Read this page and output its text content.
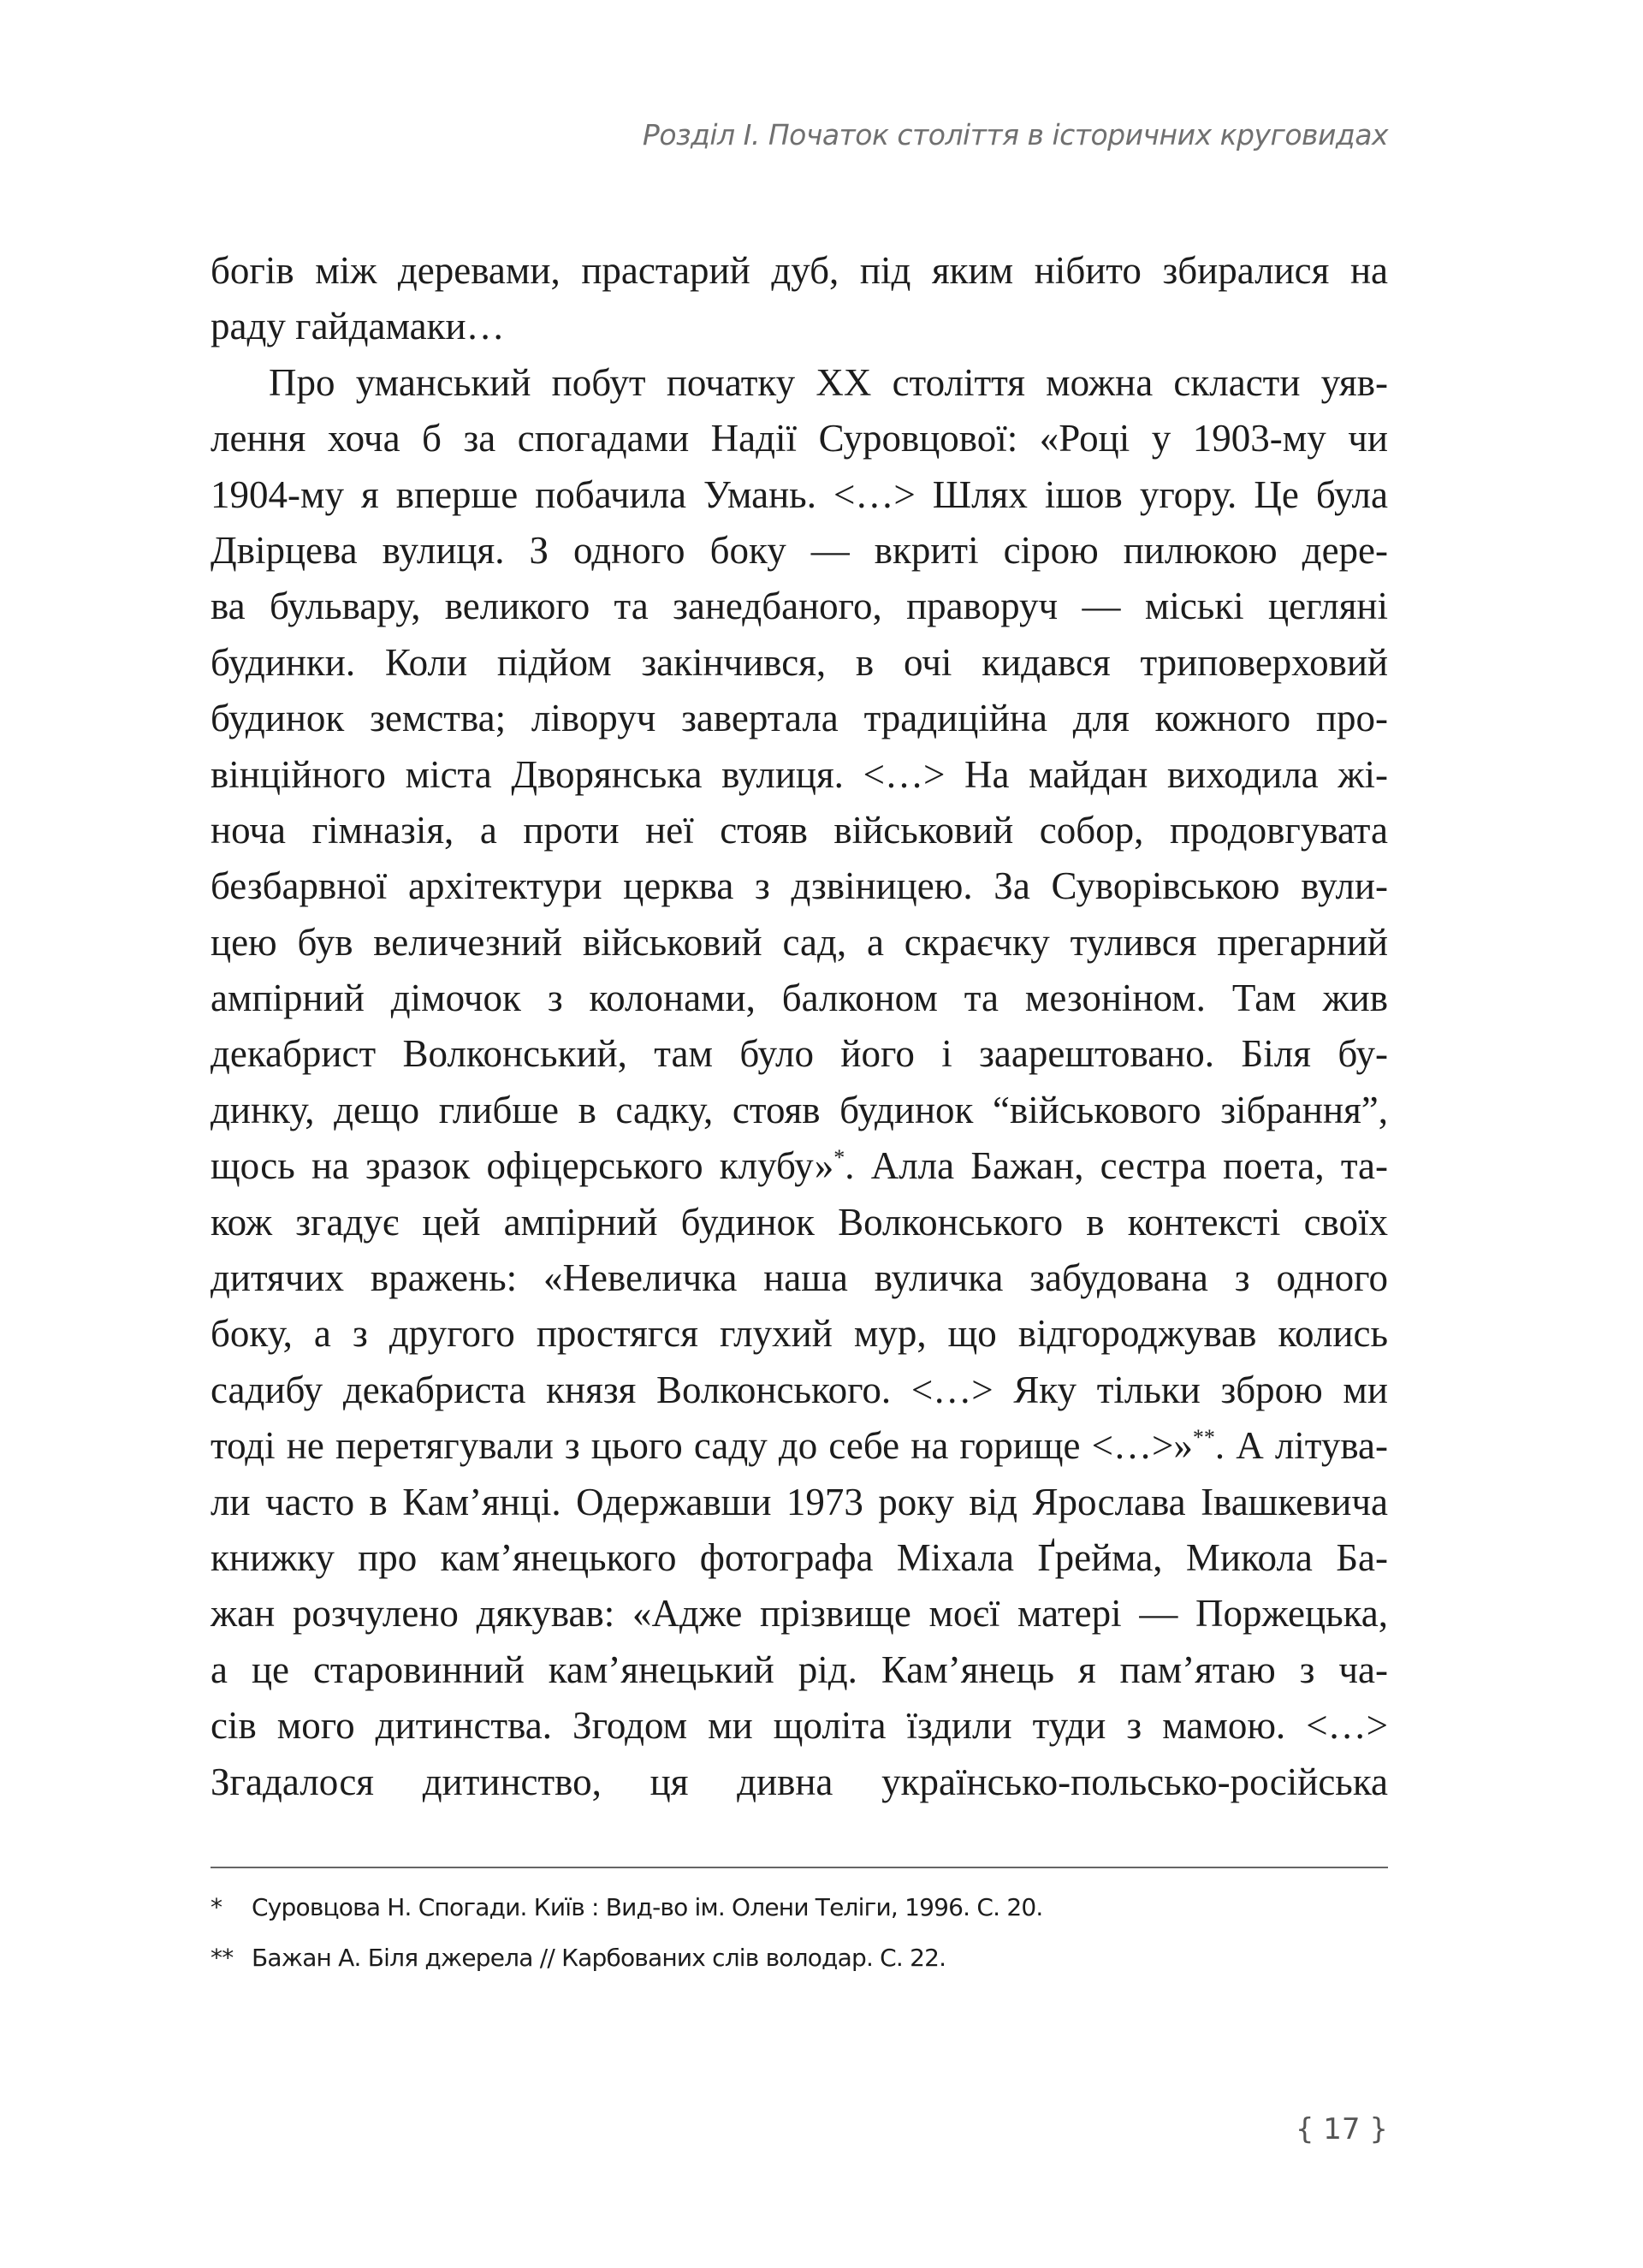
Розділ І. Початок століття в історичних круговидах
богів між деревами, прастарий дуб, під яким нібито збиралися на
раду гайдамаки…
Про уманський побут початку ХХ століття можна скласти уяв-
лення хоча б за спогадами Надії Суровцової: «Році у 1903-му чи
1904-му я вперше побачила Умань. <…> Шлях ішов угору. Це була
Двірцева вулиця. З одного боку — вкриті сірою пилюкою дере-
ва бульвару, великого та занедбаного, праворуч — міські цегляні
будинки. Коли підйом закінчився, в очі кидався триповерховий
будинок земства; ліворуч завертала традиційна для кожного про-
вінційного міста Дворянська вулиця. <…> На майдан виходила жі-
ноча гімназія, а проти неї стояв військовий собор, продовгувата
безбарвної архітектури церква з дзвіницею. За Суворівською вули-
цею був величезний військовий сад, а скраєчку тулився прегарний
ампірний дімочок з колонами, балконом та мезоніном. Там жив
декабрист Волконський, там було його і заарештовано. Біля бу-
динку, дещо глибше в садку, стояв будинок “військового зібрання”,
щось на зразок офіцерського клубу»*. Алла Бажан, сестра поета, та-
кож згадує цей ампірний будинок Волконського в контексті своїх
дитячих вражень: «Невеличка наша вуличка забудована з одного
боку, а з другого простягся глухий мур, що відгороджував колись
садибу декабриста князя Волконського. <…> Яку тільки зброю ми
тоді не перетягували з цього саду до себе на горище <…>»**. А літува-
ли часто в Кам’янці. Одержавши 1973 року від Ярослава Івашкевича
книжку про кам’янецького фотографа Міхала Ґрейма, Микола Ба-
жан розчулено дякував: «Адже прізвище моєї матері — Поржецька,
а це старовинний кам’янецький рід. Кам’янець я пам’ятаю з ча-
сів мого дитинства. Згодом ми щоліта їздили туди з мамою. <…>
Згадалося дитинство, ця дивна українсько-польсько-російська
* Суровцова Н. Спогади. Київ : Вид-во ім. Олени Теліги, 1996. С. 20.
** Бажан А. Біля джерела // Карбованих слів володар. С. 22.
{ 17 }
